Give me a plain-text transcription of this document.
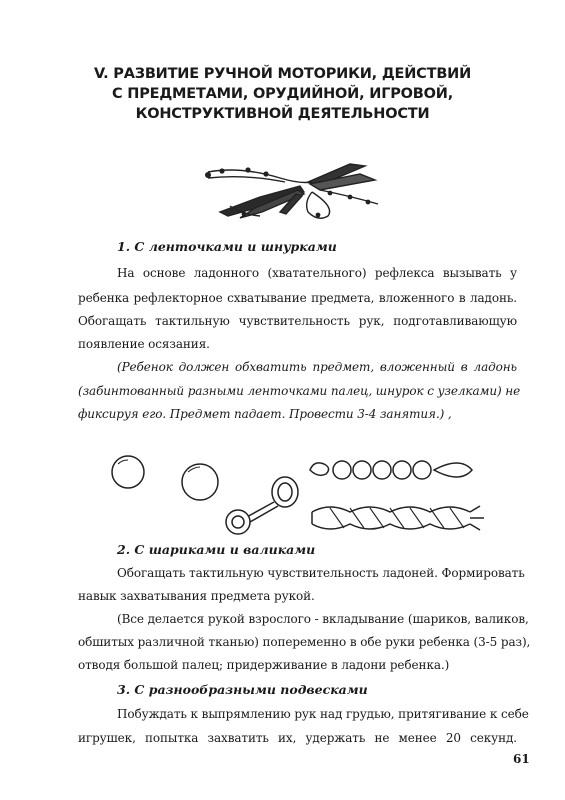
V. РАЗВИТИЕ РУЧНОЙ МОТОРИКИ, ДЕЙСТВИЙ
С ПРЕДМЕТАМИ, ОРУДИЙНОЙ, ИГРОВОЙ,
КОНСТРУКТИВНОЙ ДЕЯТЕЛЬНОСТИ
1. С ленточками и шнурками
На основе ладонного (хватательного) рефлекса вызывать у
ребенка рефлекторное схватывание предмета, вложенного в ладонь.
Обогащать тактильную чувствительность рук, подготавливающую
появление осязания.
(Ребенок должен обхватить предмет, вложенный в ладонь
(забинтованный разными ленточками палец, шнурок с узелками) не
фиксируя его. Предмет падает. Провести 3-4 занятия.) ,
2. С шариками и валиками
Обогащать тактильную чувствительность ладоней. Формировать
навык захватывания предмета рукой.
(Все делается рукой взрослого - вкладывание (шариков, валиков,
обшитых различной тканью) попеременно в обе руки ребенка (3-5 раз),
отводя большой палец; придерживание в ладони ребенка.)
3. С разнообразными подвесками
Побуждать к выпрямлению рук над грудью, притягивание к себе
игрушек, попытка захватить их, удержать не менее 20 секунд.
61
